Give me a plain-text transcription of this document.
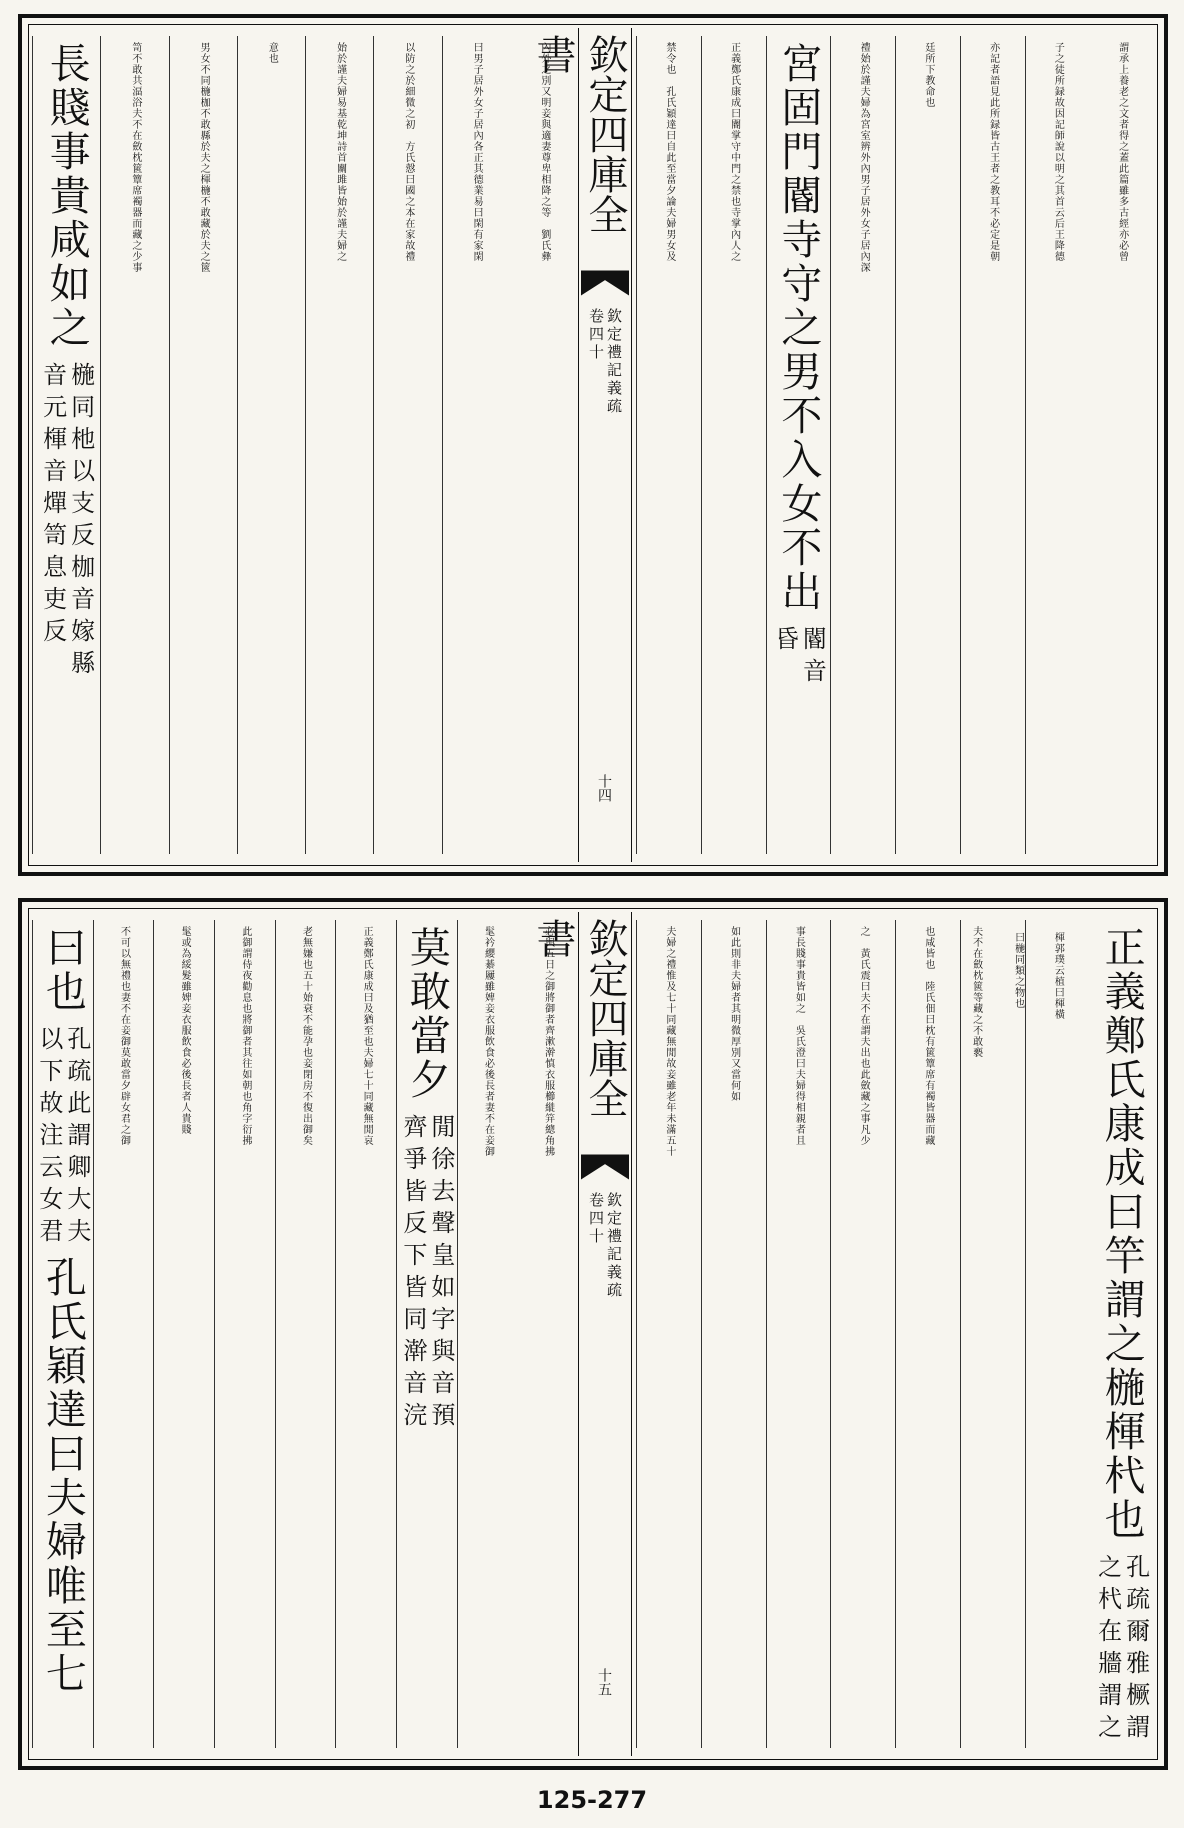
謂承上養老之文者得之蓋此篇雖多古經亦必曾
子之徒所録故因記師說以明之其首云后王降德
亦記者語見此所録皆古王者之教耳不必定是朝
廷所下教命也
禮始於謹夫婦為宮室辨外內男子居外女子居內深
宮固門閽寺守之男不入女不出
閽音
昏
正義鄭氏康成曰閽掌守中門之禁也寺掌內人之
禁令也　孔氏穎達曰自此至當夕論夫婦男女及
欽定四庫全書
欽定禮記義疏
卷四十
十四
內外之別又明妾與適妻尊卑相降之等　劉氏彝
曰男子居外女子居內各正其德業易曰閑有家閑
以防之於細微之初　方氏慤曰國之本在家故禮
始於謹夫婦易基乾坤詩首關雎皆始於謹夫婦之
意也
男女不同椸枷不敢縣於夫之楎椸不敢藏於夫之篋
笥不敢共湢浴夫不在斂枕篋簟席襡器而藏之少事
長賤事貴咸如之
椸同杝以支反枷音嫁縣
音元楎音燀笥息吏反
正義鄭氏康成曰竿謂之椸楎杙也
孔疏爾雅橛謂
之杙在牆謂之
楎郭璞云植曰楎橫
曰椸同類之物也
夫不在斂枕篋等藏之不敢褻
也咸皆也　陸氏佃曰枕有篋簟席有襡皆器而藏
之　黃氏震曰夫不在謂夫出也此斂藏之事凡少
事長賤事貴皆如之　吳氏澄曰夫婦得相親者且
如此則非夫婦者其明微厚別又當何如
夫婦之禮惟及七十同藏無閒故妾雖老年未滿五十
欽定四庫全書
欽定禮記義疏
卷四十
十五
必與五日之御將御者齊漱澣慎衣服櫛縰笄總角拂
髦衿纓綦屨雖婢妾衣服飲食必後長者妻不在妾御
莫敢當夕
閒徐去聲皇如字與音預
齊爭皆反下皆同澣音浣
正義鄭氏康成曰及猶至也夫婦七十同藏無閒哀
老無嫌也五十始衰不能孕也妾閉房不復出御矣
此御謂侍夜勸息也將御者其往如朝也角字衍拂
髦或為綏髮雖婢妾衣服飲食必後長者人貴賤
不可以無禮也妻不在妾御莫敢當夕辟女君之御
曰也
孔疏此謂卿大夫
以下故注云女君
孔氏穎達曰夫婦唯至七
125-277
